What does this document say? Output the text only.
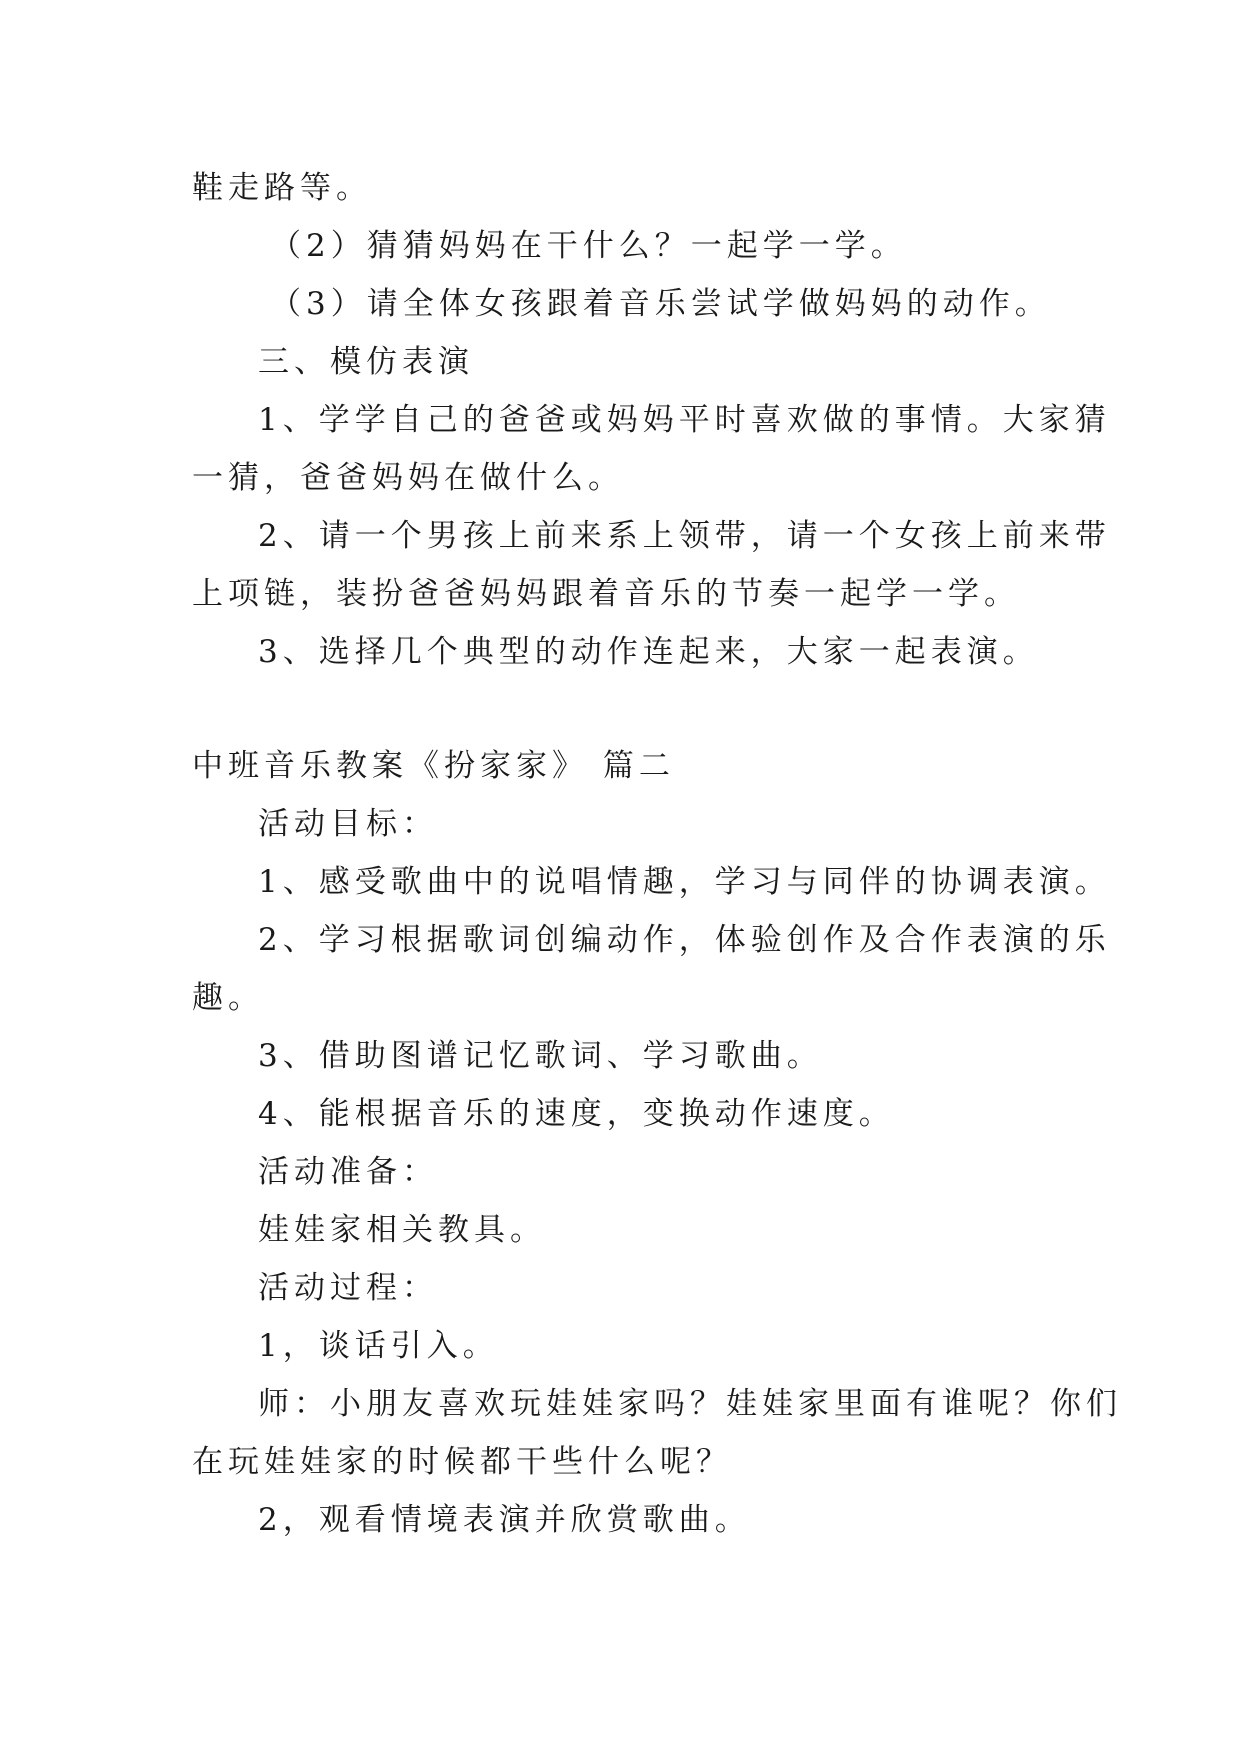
鞋走路等。
（2）猜猜妈妈在干什么？一起学一学。
（3）请全体女孩跟着音乐尝试学做妈妈的动作。
三、模仿表演
1、学学自己的爸爸或妈妈平时喜欢做的事情。大家猜
一猜，爸爸妈妈在做什么。
2、请一个男孩上前来系上领带，请一个女孩上前来带
上项链，装扮爸爸妈妈跟着音乐的节奏一起学一学。
3、选择几个典型的动作连起来，大家一起表演。
中班音乐教案《扮家家》 篇二
活动目标：
1、感受歌曲中的说唱情趣，学习与同伴的协调表演。
2、学习根据歌词创编动作，体验创作及合作表演的乐
趣。
3、借助图谱记忆歌词、学习歌曲。
4、能根据音乐的速度，变换动作速度。
活动准备：
娃娃家相关教具。
活动过程：
1，谈话引入。
师：小朋友喜欢玩娃娃家吗？娃娃家里面有谁呢？你们
在玩娃娃家的时候都干些什么呢？
2，观看情境表演并欣赏歌曲。
